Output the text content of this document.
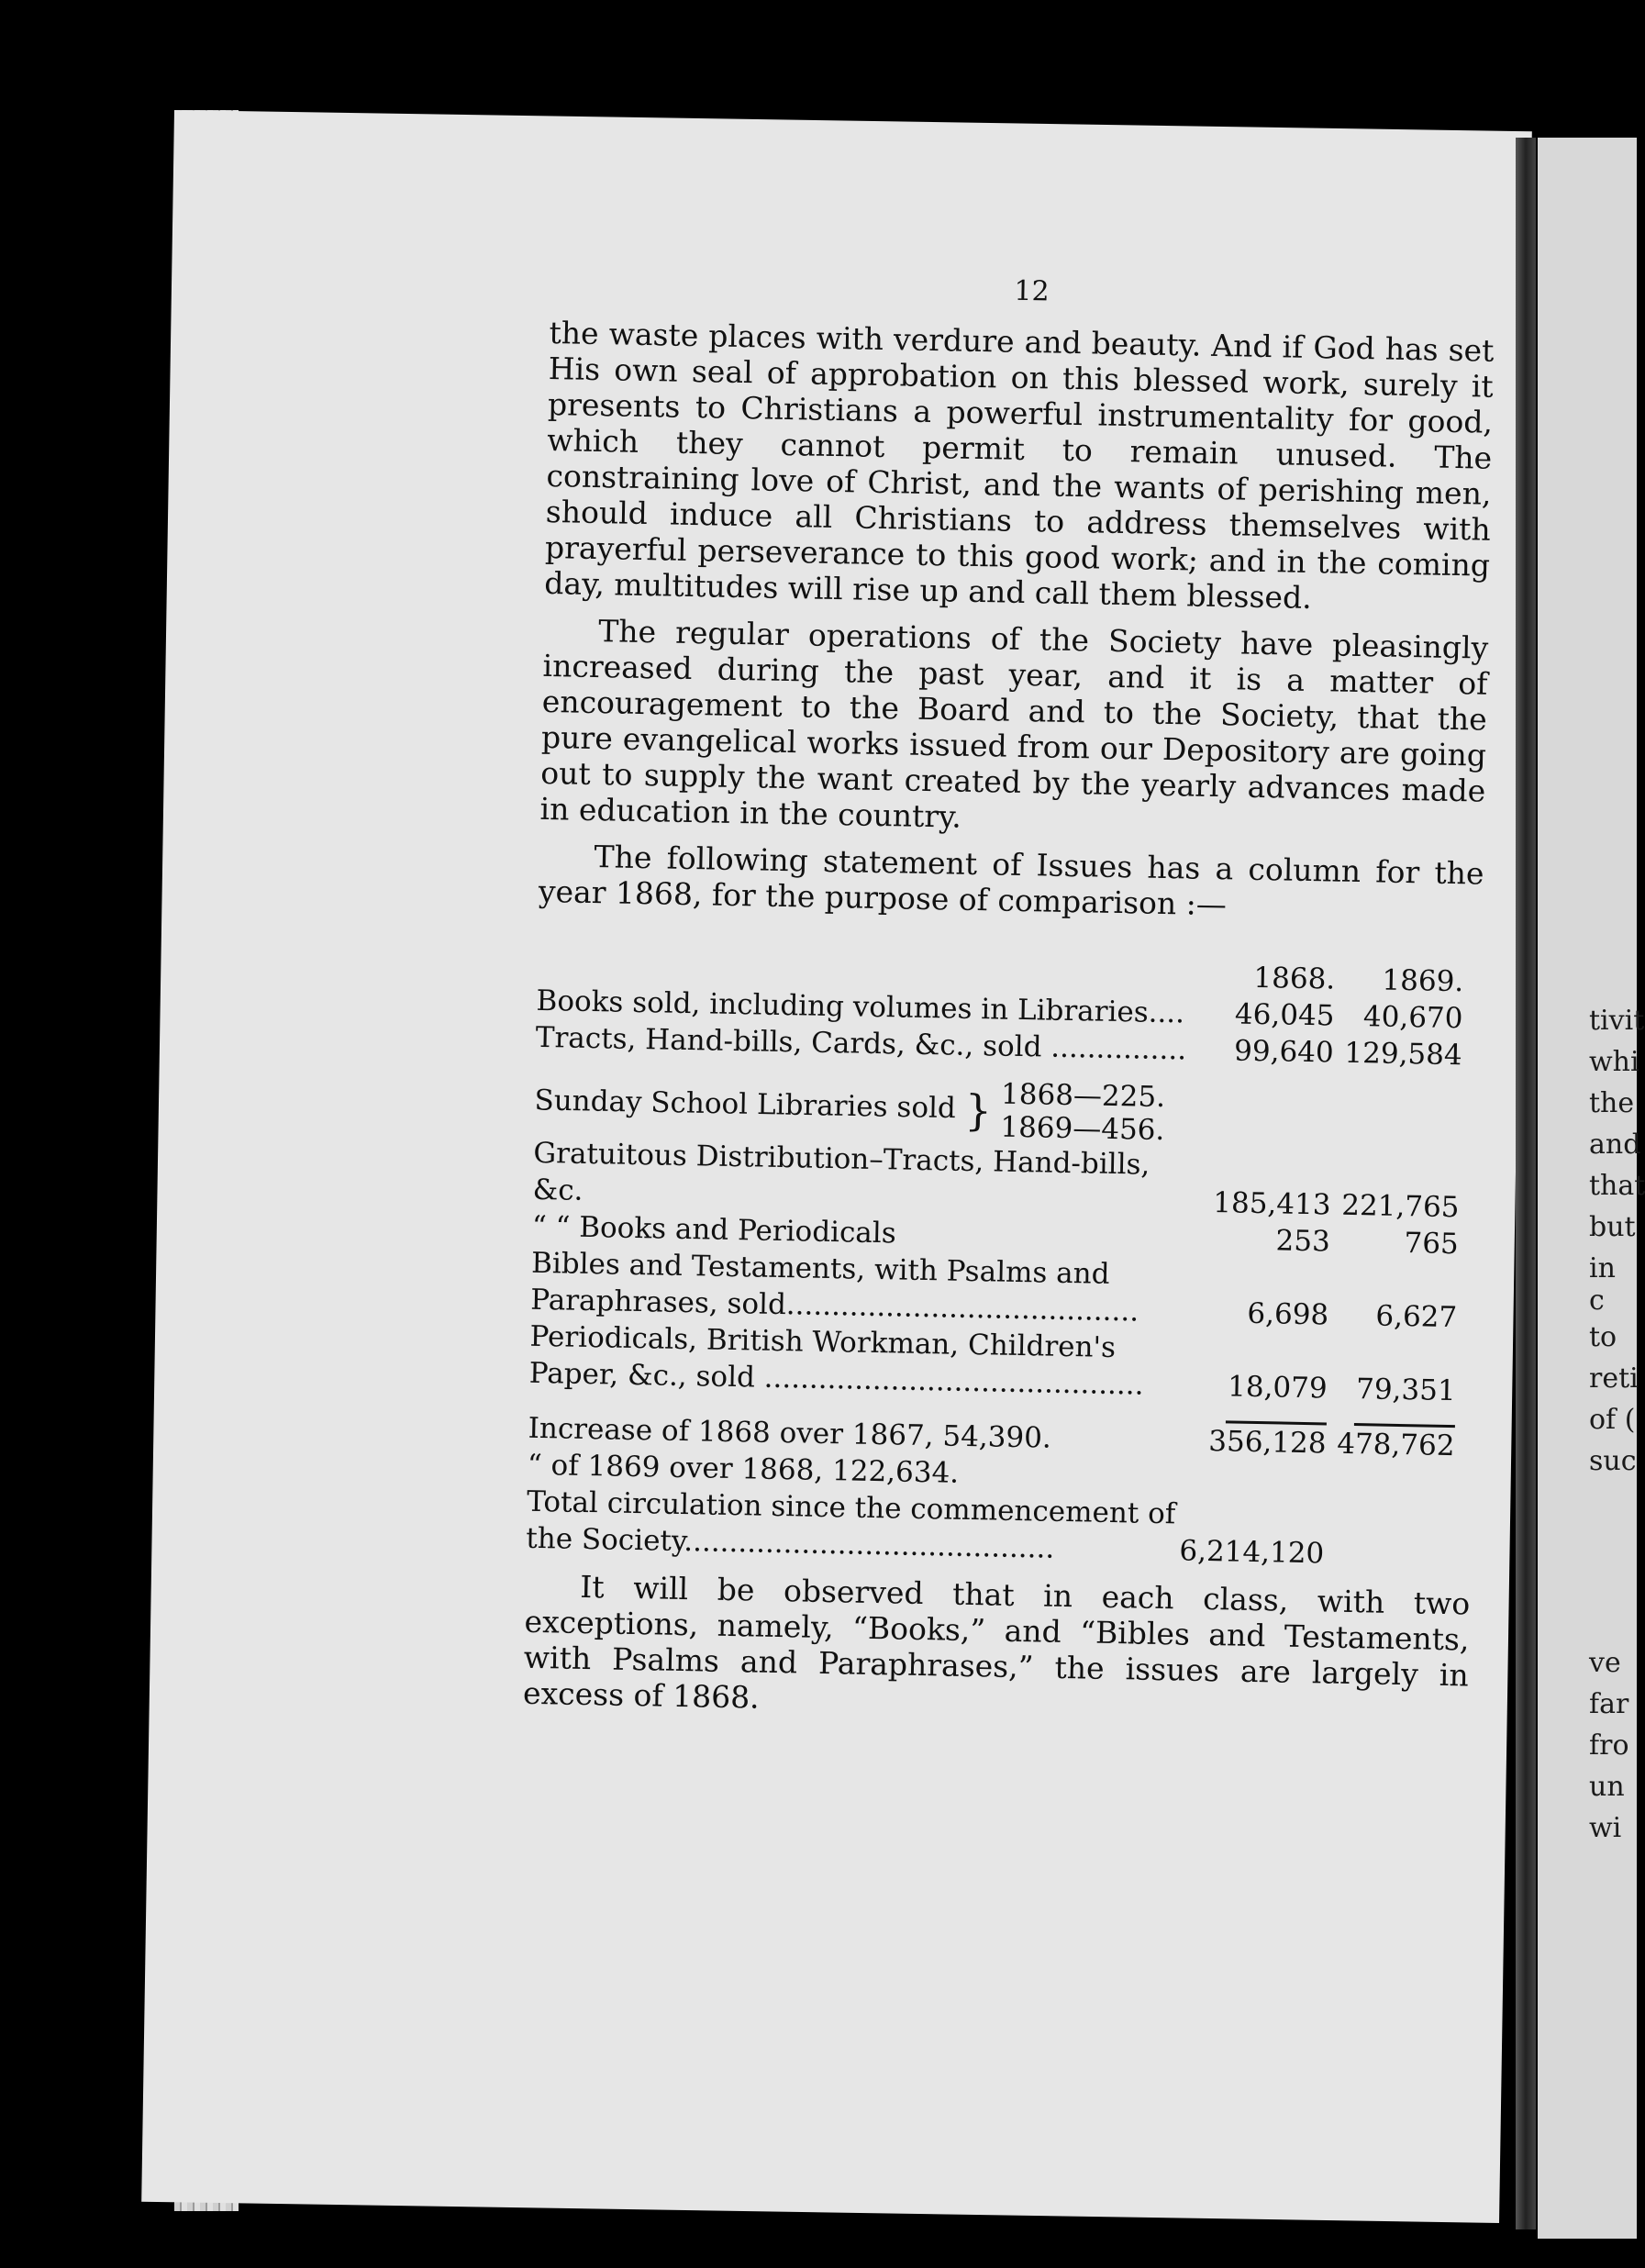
tivit
whi
the
and
that
but
in c
to
reti
of (
suc
ve
far
fro
un
wi
12

the waste places with verdure and beauty. And if God has set His own seal of approbation on this blessed work, surely it presents to Christians a powerful instrumentality for good, which they cannot permit to remain unused. The constraining love of Christ, and the wants of perishing men, should induce all Christians to address themselves with prayerful perseverance to this good work; and in the coming day, multitudes will rise up and call them blessed.

The regular operations of the Society have pleasingly increased during the past year, and it is a matter of encouragement to the Board and to the Society, that the pure evangelical works issued from our Depository are going out to supply the want created by the yearly advances made in education in the country.

The following statement of Issues has a column for the year 1868, for the purpose of comparison :—

	1868.	1869.
Books sold, including volumes in Libraries....	46,045	40,670
Tracts, Hand-bills, Cards, &c., sold ...............	99,640	129,584
Sunday School Libraries sold } 1868—225.
1869—456.		
Gratuitous Distribution–Tracts, Hand-bills, &c.	185,413	221,765
“ “ Books and Periodicals	253	765
Bibles and Testaments, with Psalms and Paraphrases, sold.......................................	6,698	6,627
Periodicals, British Workman, Children's Paper, &c., sold ..........................................	18,079	79,351

Increase of 1868 over 1867, 54,390.	356,128	478,762
“ of 1869 over 1868, 122,634.		
Total circulation since the commencement of the Society.........................................	6,214,120	

It will be observed that in each class, with two exceptions, namely, “Books,” and “Bibles and Testaments, with Psalms and Paraphrases,” the issues are largely in excess of 1868.
